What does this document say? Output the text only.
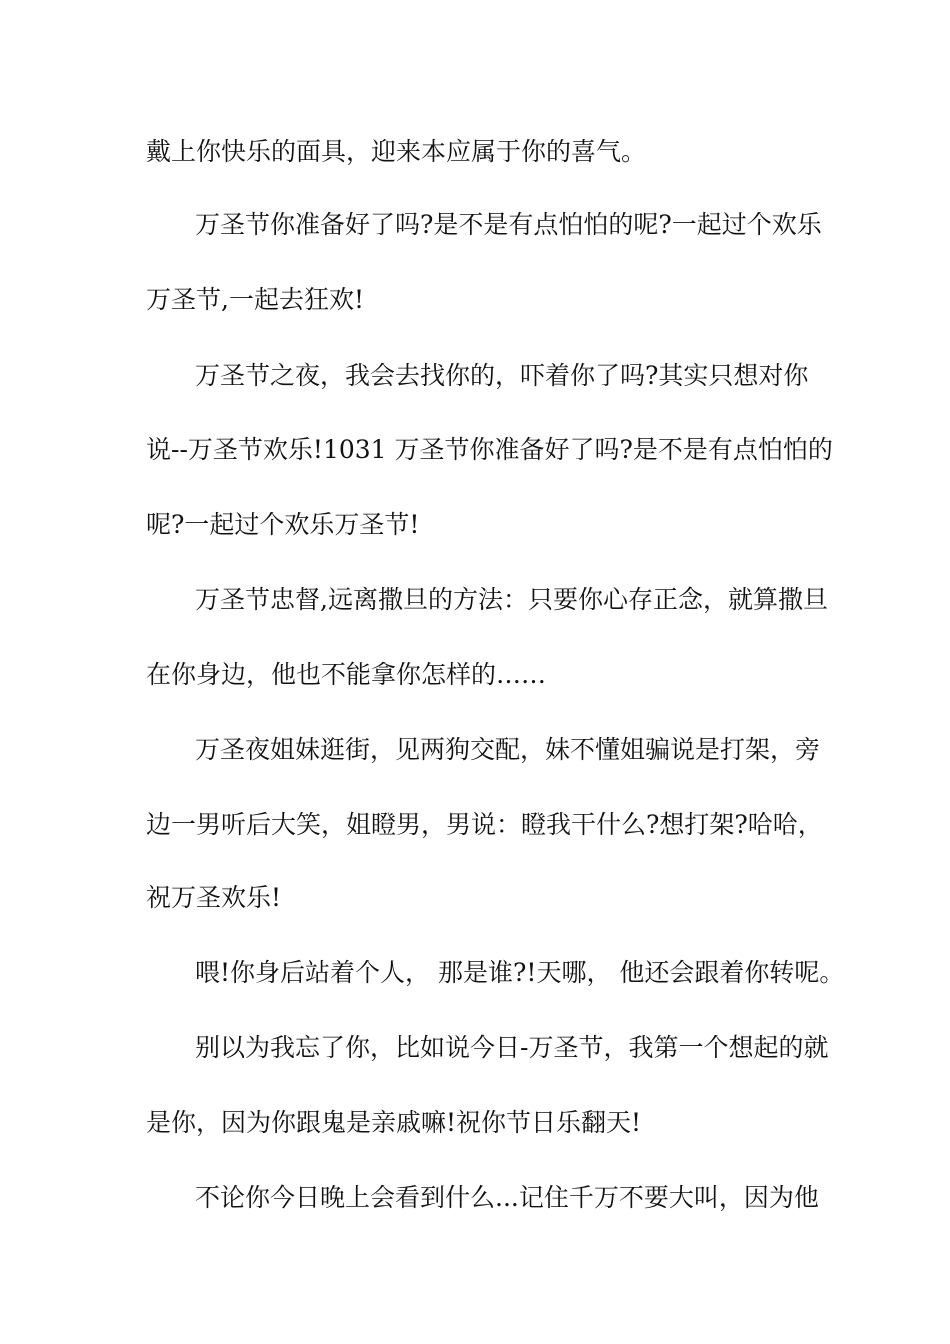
戴上你快乐的面具，迎来本应属于你的喜气。
万圣节你准备好了吗?是不是有点怕怕的呢?一起过个欢乐
万圣节,一起去狂欢!
万圣节之夜，我会去找你的，吓着你了吗?其实只想对你
说--万圣节欢乐!1031 万圣节你准备好了吗?是不是有点怕怕的
呢?一起过个欢乐万圣节!
万圣节忠督,远离撒旦的方法：只要你心存正念，就算撒旦
在你身边，他也不能拿你怎样的……
万圣夜姐妹逛街，见两狗交配，妹不懂姐骗说是打架，旁
边一男听后大笑，姐瞪男，男说：瞪我干什么?想打架?哈哈，
祝万圣欢乐!
喂!你身后站着个人， 那是谁?!天哪， 他还会跟着你转呢。
别以为我忘了你，比如说今日-万圣节，我第一个想起的就
是你，因为你跟鬼是亲戚嘛!祝你节日乐翻天!
不论你今日晚上会看到什么...记住千万不要大叫，因为他
